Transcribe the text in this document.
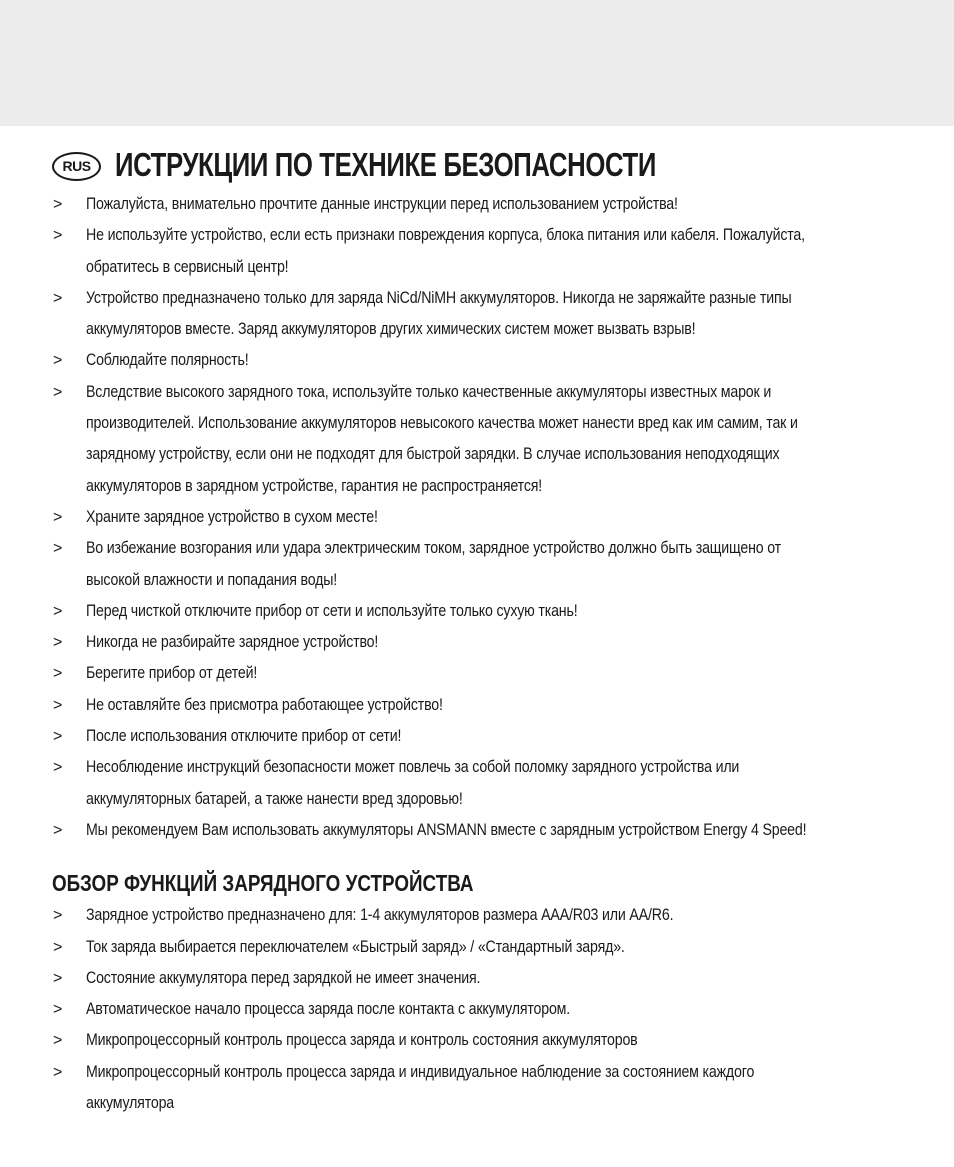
RUS ИСТРУКЦИИ ПО ТЕХНИКЕ БЕЗОПАСНОСТИ
> Пожалуйста, внимательно прочтите данные инструкции перед использованием устройства!
> Не используйте устройство, если есть признаки повреждения корпуса, блока питания или кабеля. Пожалуйста, обратитесь в сервисный центр!
> Устройство предназначено только для заряда NiCd/NiMH аккумуляторов. Никогда не заряжайте разные типы аккумуляторов вместе. Заряд аккумуляторов других химических систем может вызвать взрыв!
> Соблюдайте полярность!
> Вследствие высокого зарядного тока, используйте только качественные аккумуляторы известных марок и производителей. Использование аккумуляторов невысокого качества может нанести вред как им самим, так и зарядному устройству, если они не подходят для быстрой зарядки. В случае использования неподходящих аккумуляторов в зарядном устройстве, гарантия не распространяется!
> Храните зарядное устройство в сухом месте!
> Во избежание возгорания или удара электрическим током, зарядное устройство должно быть защищено от высокой влажности и попадания воды!
> Перед чисткой отключите прибор от сети и используйте только сухую ткань!
> Никогда не разбирайте зарядное устройство!
> Берегите прибор от детей!
> Не оставляйте без присмотра работающее устройство!
> После использования отключите прибор от сети!
> Несоблюдение инструкций безопасности может повлечь за собой поломку зарядного устройства или аккумуляторных батарей, а также нанести вред здоровью!
> Мы рекомендуем Вам использовать аккумуляторы ANSMANN вместе с зарядным устройством Energy 4 Speed!
ОБЗОР ФУНКЦИЙ ЗАРЯДНОГО УСТРОЙСТВА
> Зарядное устройство предназначено для: 1-4 аккумуляторов размера AAA/R03 или AA/R6.
> Ток заряда выбирается переключателем «Быстрый заряд» / «Стандартный заряд».
> Состояние аккумулятора перед зарядкой не имеет значения.
> Автоматическое начало процесса заряда после контакта с аккумулятором.
> Микропроцессорный контроль процесса заряда и контроль состояния аккумуляторов
> Микропроцессорный контроль процесса заряда и индивидуальное наблюдение за состоянием каждого аккумулятора
